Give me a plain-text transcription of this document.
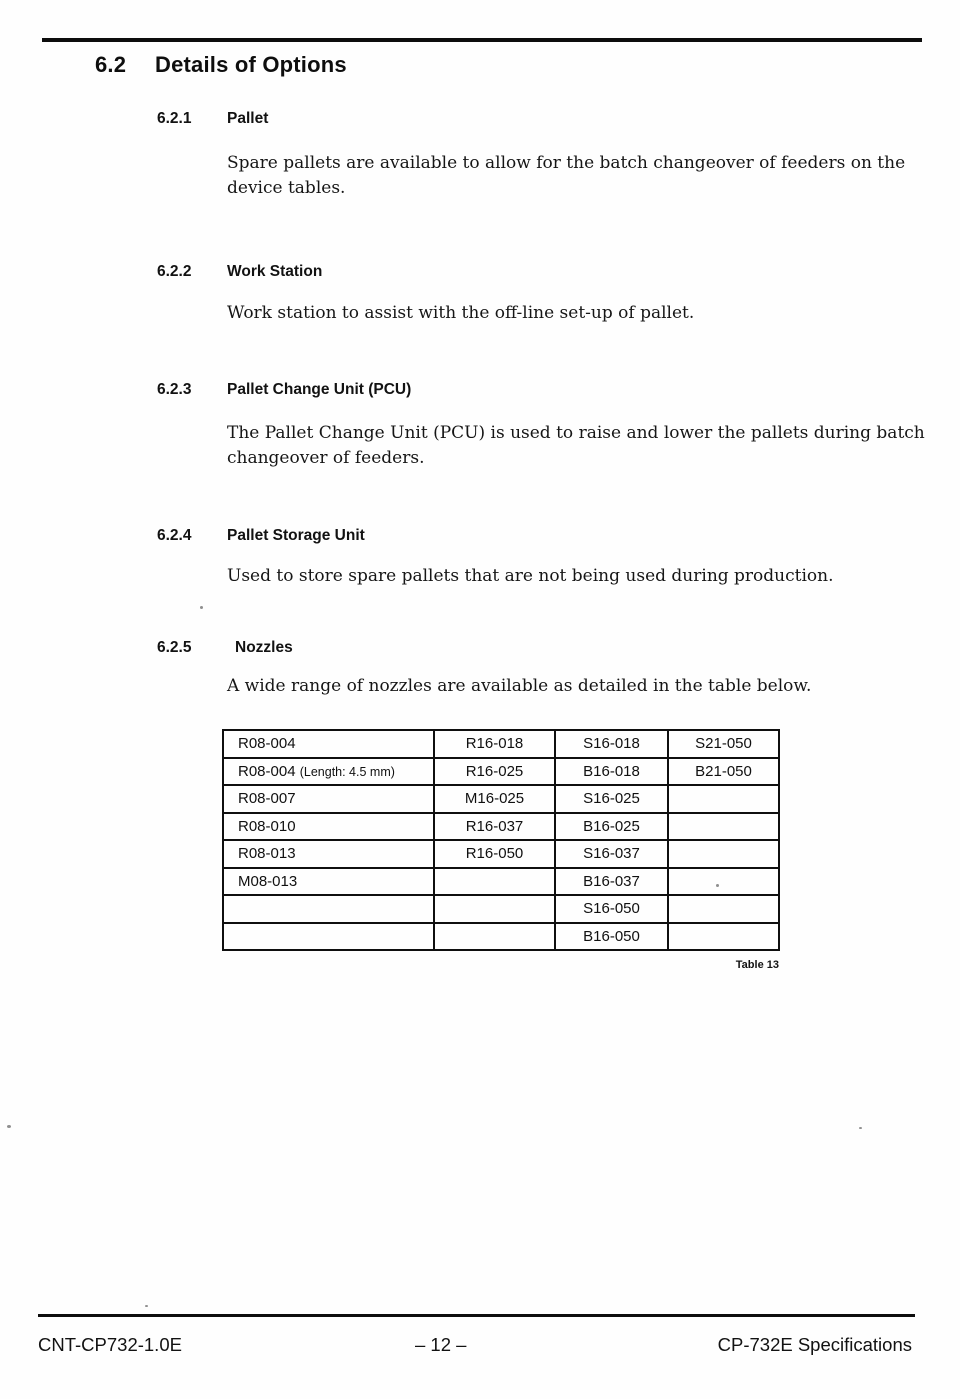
6.2 Details of Options
6.2.1 Pallet
Spare pallets are available to allow for the batch changeover of feeders on the
device tables.
6.2.2 Work Station
Work station to assist with the off-line set-up of pallet.
6.2.3 Pallet Change Unit (PCU)
The Pallet Change Unit (PCU) is used to raise and lower the pallets during batch
changeover of feeders.
6.2.4 Pallet Storage Unit
Used to store spare pallets that are not being used during production.
6.2.5	Nozzles
A wide range of nozzles are available as detailed in the table below.
R08-004	R16-018	S16-018	S21-050
R08-004 (Length: 4.5 mm)	R16-025	B16-018	B21-050
R08-007	M16-025	S16-025	
R08-010	R16-037	B16-025	
R08-013	R16-050	S16-037	
M08-013		B16-037	
		S16-050	
		B16-050	
Table 13
CNT-CP732-1.0E	– 12 –	CP-732E Specifications
